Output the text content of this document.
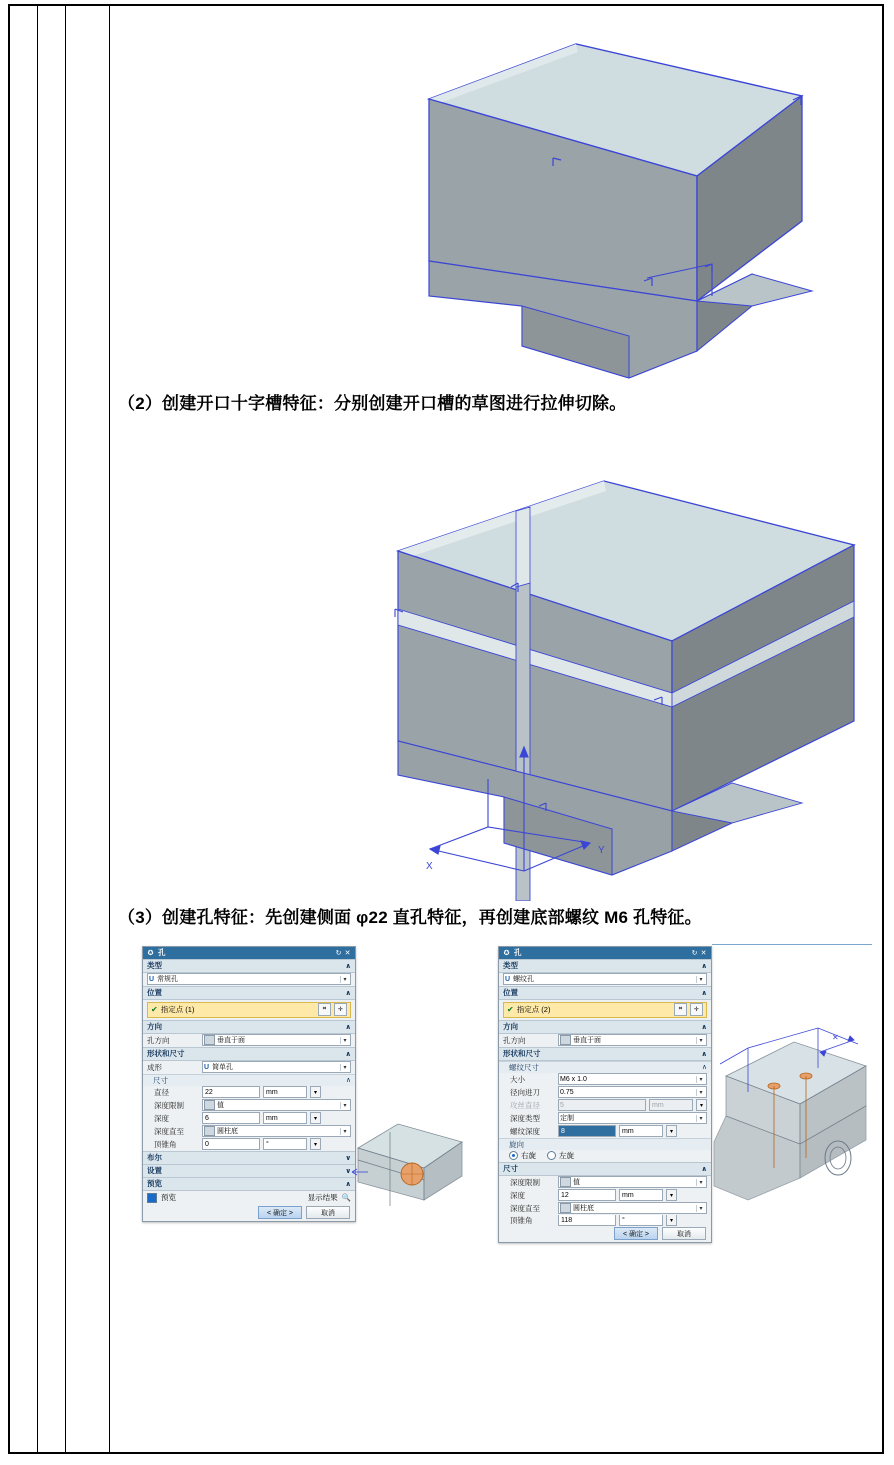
（2）创建开口十字槽特征：分别创建开口槽的草图进行拉伸切除。
X
Y
（3）创建孔特征：先创建侧面 φ22 直孔特征，再创建底部螺纹 M6 孔特征。
✪ 孔	↻ ✕
类型	∧
U 常规孔	▾
位置	∧
✔ 指定点 (1)	⌗	✛
方向	∧
孔方向	垂直于面	▾
形状和尺寸	∧
成形	U 简单孔	▾
尺寸	∧
直径	22	mm	▾
深度限制	值	▾
深度	6	mm	▾
深度直至	圆柱底	▾
顶锥角	0	°	▾
布尔	∨
设置	∨
预览	∧
预览	显示结果 🔍
< 确定 >	取消
✪ 孔	↻ ✕
类型	∧
U 螺纹孔	▾
位置	∧
✔ 指定点 (2)	⌗	✛
方向	∧
孔方向	垂直于面	▾
形状和尺寸	∧
螺纹尺寸	∧
大小	M6 x 1.0	▾
径向进刀	0.75	▾
攻丝直径	5	mm	▾
深度类型	定制	▾
螺纹深度	8	mm	▾
旋向
右旋	左旋
尺寸	∧
深度限制	值	▾
深度	12	mm	▾
深度直至	圆柱底	▾
顶锥角	118	°	▾
< 确定 >	取消
✕
